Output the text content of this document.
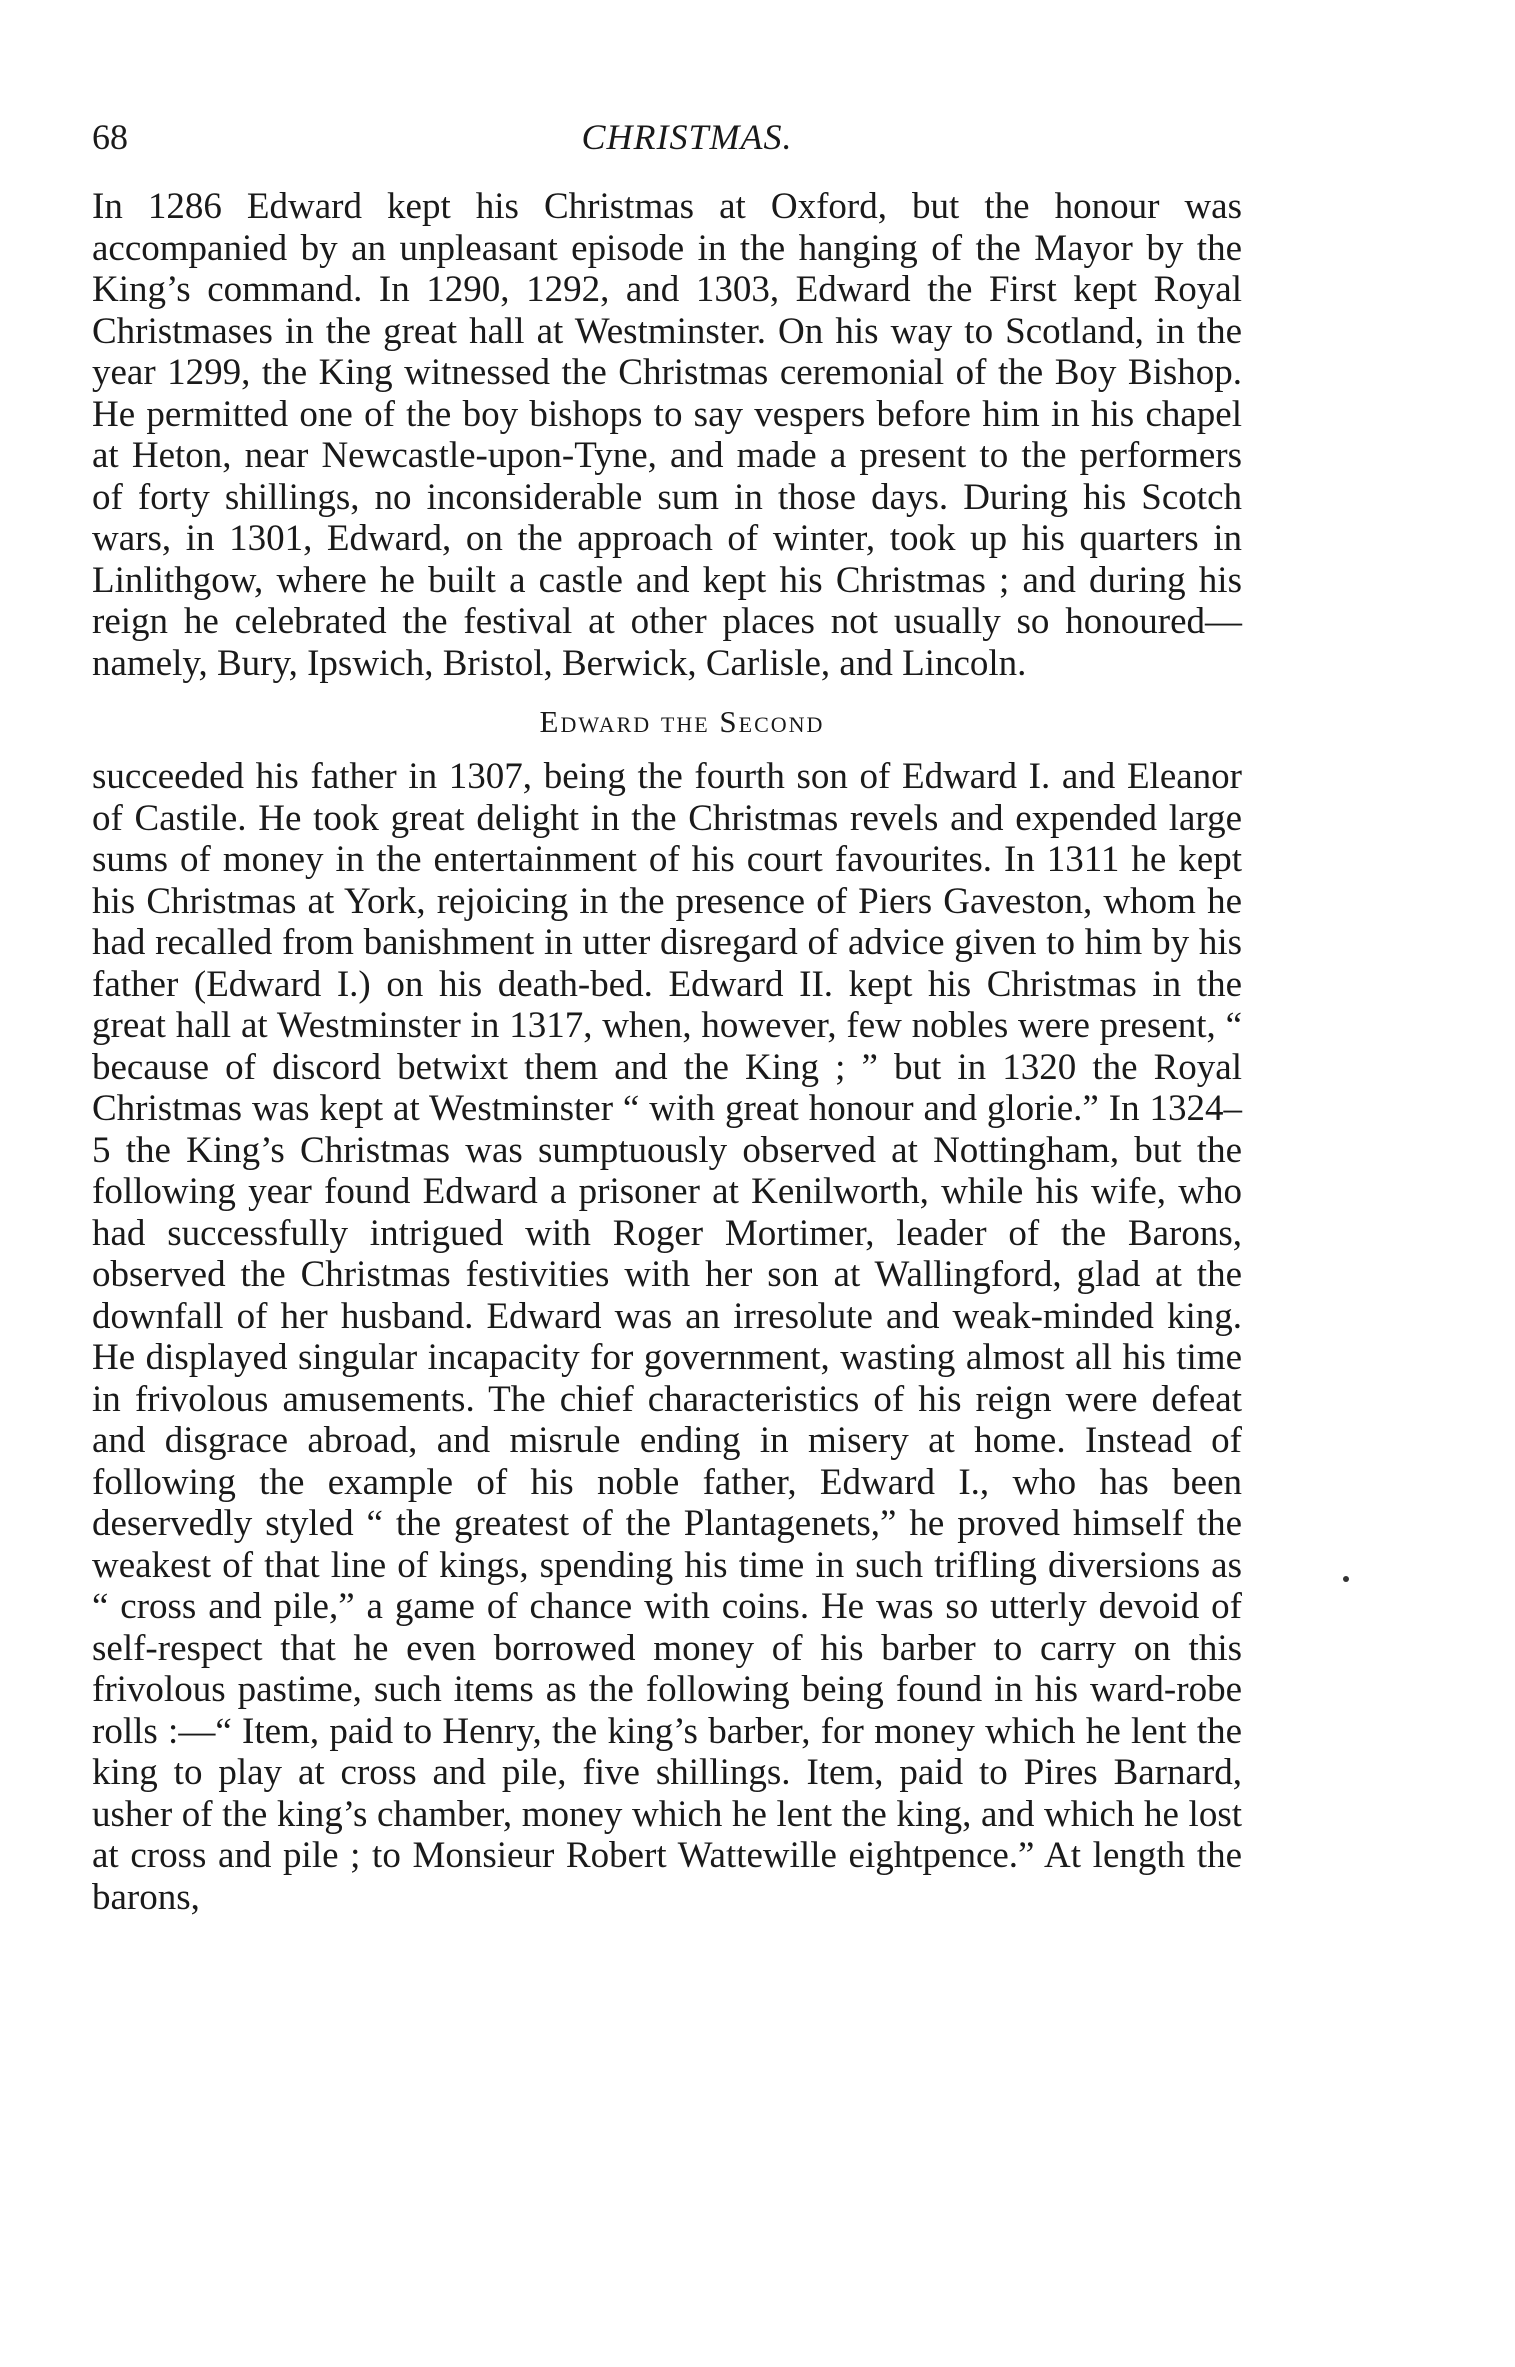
68	CHRISTMAS.

In 1286 Edward kept his Christmas at Oxford, but the honour was accompanied by an unpleasant episode in the hanging of the Mayor by the King’s command. In 1290, 1292, and 1303, Edward the First kept Royal Christmases in the great hall at Westminster. On his way to Scotland, in the year 1299, the King witnessed the Christmas ceremonial of the Boy Bishop. He permitted one of the boy bishops to say vespers before him in his chapel at Heton, near Newcastle-upon-Tyne, and made a present to the performers of forty shillings, no inconsiderable sum in those days. During his Scotch wars, in 1301, Edward, on the approach of winter, took up his quarters in Linlithgow, where he built a castle and kept his Christmas ; and during his reign he celebrated the festival at other places not usually so honoured—namely, Bury, Ipswich, Bristol, Berwick, Carlisle, and Lincoln.

Edward the Second

succeeded his father in 1307, being the fourth son of Edward I. and Eleanor of Castile. He took great delight in the Christmas revels and expended large sums of money in the entertainment of his court favourites. In 1311 he kept his Christmas at York, rejoicing in the presence of Piers Gaveston, whom he had recalled from banishment in utter disregard of advice given to him by his father (Edward I.) on his death-bed. Edward II. kept his Christmas in the great hall at Westminster in 1317, when, however, few nobles were present, “ because of discord betwixt them and the King ; ” but in 1320 the Royal Christmas was kept at Westminster “ with great honour and glorie.” In 1324–5 the King’s Christmas was sumptuously observed at Nottingham, but the following year found Edward a prisoner at Kenilworth, while his wife, who had successfully intrigued with Roger Mortimer, leader of the Barons, observed the Christmas festivities with her son at Wallingford, glad at the downfall of her husband. Edward was an irresolute and weak-minded king. He displayed singular incapacity for government, wasting almost all his time in frivolous amusements. The chief characteristics of his reign were defeat and disgrace abroad, and misrule ending in misery at home. Instead of following the example of his noble father, Edward I., who has been deservedly styled “ the greatest of the Plantagenets,” he proved himself the weakest of that line of kings, spending his time in such trifling diversions as “ cross and pile,” a game of chance with coins. He was so utterly devoid of self-respect that he even borrowed money of his barber to carry on this frivolous pastime, such items as the following being found in his ward-robe rolls :—“ Item, paid to Henry, the king’s barber, for money which he lent the king to play at cross and pile, five shillings. Item, paid to Pires Barnard, usher of the king’s chamber, money which he lent the king, and which he lost at cross and pile ; to Monsieur Robert Wattewille eightpence.” At length the barons,
